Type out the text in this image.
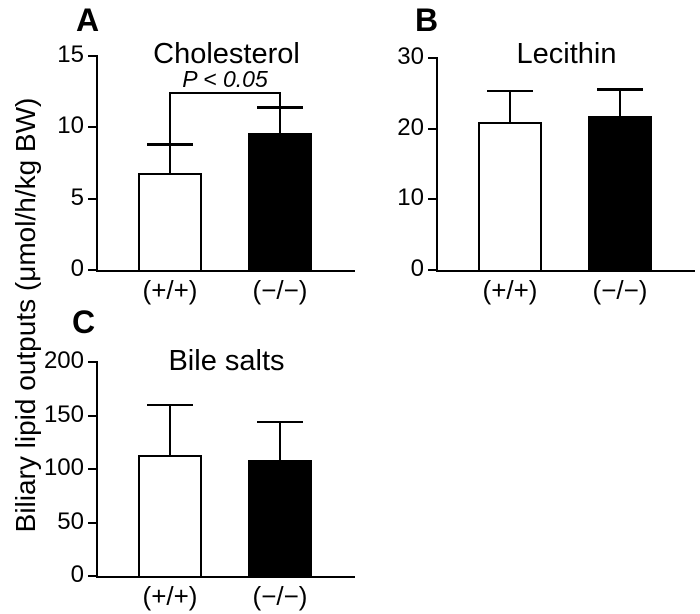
Biliary lipid outputs (μmol/h/kg BW)
A
Cholesterol
(+/+)	(−/−)
P < 0.05
0
5
10
15
B
Lecithin
(+/+)	(−/−)
0
10
20
30
C
Bile salts
(+/+)	(−/−)
0
50
100
150
200
